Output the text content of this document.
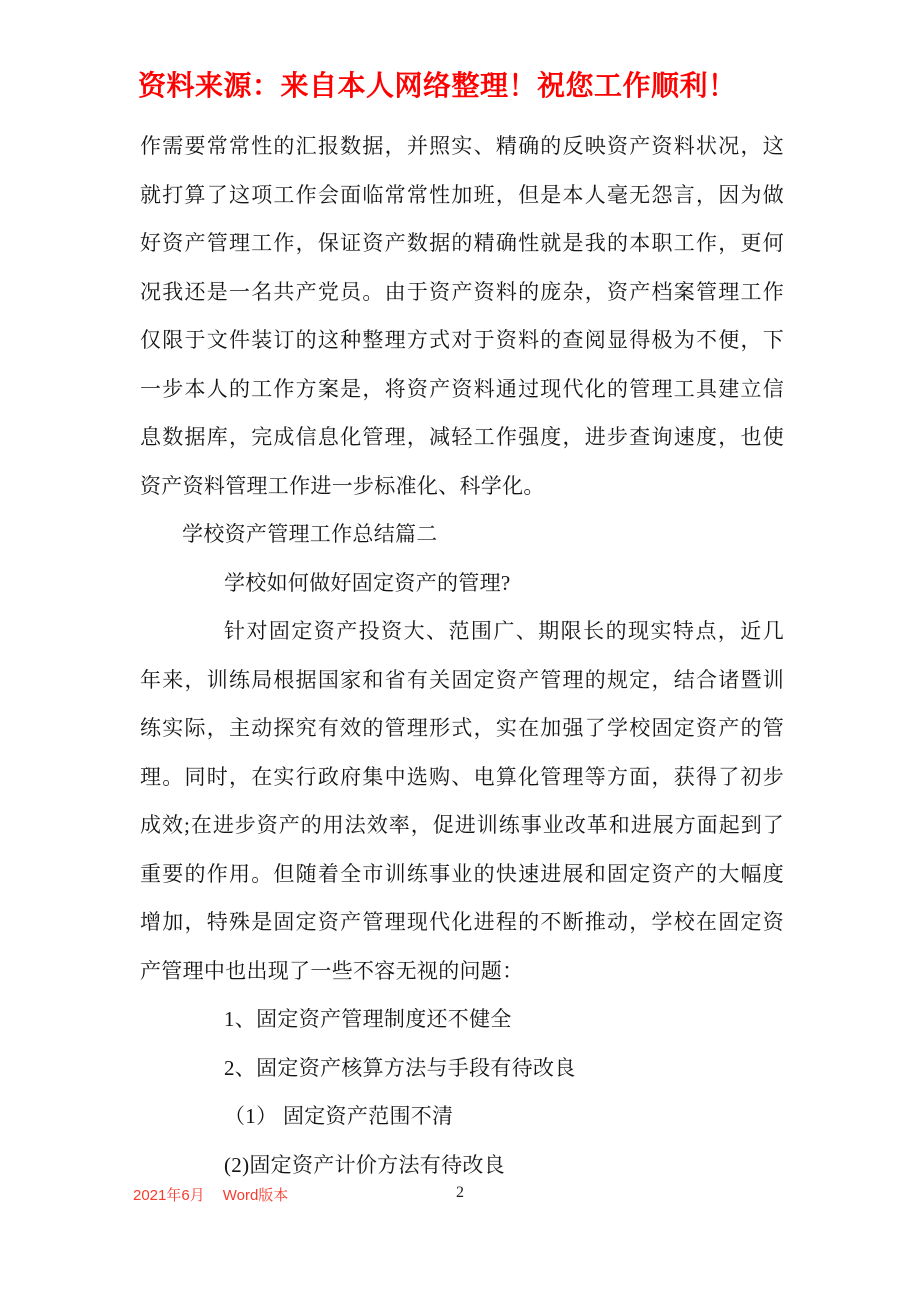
资料来源：来自本人网络整理！祝您工作顺利！
作需要常常性的汇报数据，并照实、精确的反映资产资料状况，这
就打算了这项工作会面临常常性加班，但是本人毫无怨言，因为做
好资产管理工作，保证资产数据的精确性就是我的本职工作，更何
况我还是一名共产党员。由于资产资料的庞杂，资产档案管理工作
仅限于文件装订的这种整理方式对于资料的查阅显得极为不便，下
一步本人的工作方案是，将资产资料通过现代化的管理工具建立信
息数据库，完成信息化管理，减轻工作强度，进步查询速度，也使
资产资料管理工作进一步标准化、科学化。
学校资产管理工作总结篇二
学校如何做好固定资产的管理?
针对固定资产投资大、范围广、期限长的现实特点，近几
年来，训练局根据国家和省有关固定资产管理的规定，结合诸暨训
练实际，主动探究有效的管理形式，实在加强了学校固定资产的管
理。同时，在实行政府集中选购、电算化管理等方面，获得了初步
成效;在进步资产的用法效率，促进训练事业改革和进展方面起到了
重要的作用。但随着全市训练事业的快速进展和固定资产的大幅度
增加，特殊是固定资产管理现代化进程的不断推动，学校在固定资
产管理中也出现了一些不容无视的问题：
1、固定资产管理制度还不健全
2、固定资产核算方法与手段有待改良
（1） 固定资产范围不清
(2)固定资产计价方法有待改良
2021年6月 Word版本	2
